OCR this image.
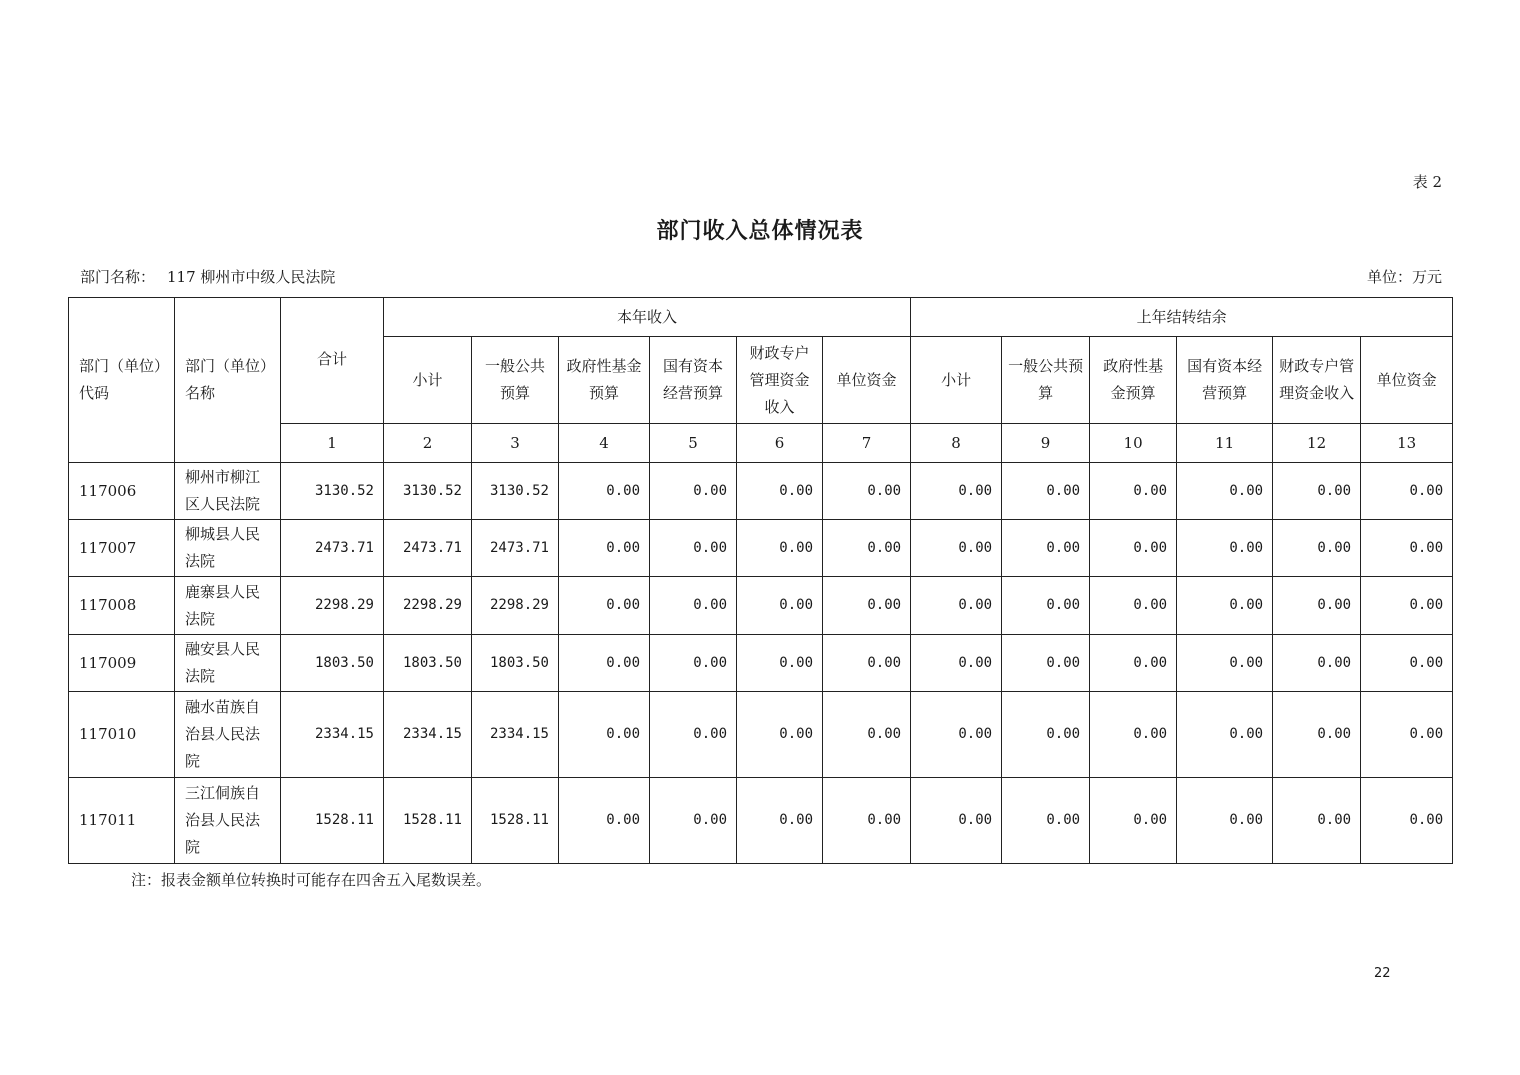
表 2
部门收入总体情况表
部门名称： 117 柳州市中级人民法院	单位：万元
部门（单位）代码	部门（单位）名称	合计	本年收入						上年结转结余					
			小计	一般公共预算	政府性基金预算	国有资本经营预算	财政专户管理资金收入	单位资金	小计	一般公共预算	政府性基金预算	国有资本经营预算	财政专户管理资金收入	单位资金
		1	2	3	4	5	6	7	8	9	10	11	12	13
117006	柳州市柳江区人民法院	3130.52	3130.52	3130.52	0.00	0.00	0.00	0.00	0.00	0.00	0.00	0.00	0.00	0.00
117007	柳城县人民法院	2473.71	2473.71	2473.71	0.00	0.00	0.00	0.00	0.00	0.00	0.00	0.00	0.00	0.00
117008	鹿寨县人民法院	2298.29	2298.29	2298.29	0.00	0.00	0.00	0.00	0.00	0.00	0.00	0.00	0.00	0.00
117009	融安县人民法院	1803.50	1803.50	1803.50	0.00	0.00	0.00	0.00	0.00	0.00	0.00	0.00	0.00	0.00
117010	融水苗族自治县人民法院	2334.15	2334.15	2334.15	0.00	0.00	0.00	0.00	0.00	0.00	0.00	0.00	0.00	0.00
117011	三江侗族自治县人民法院	1528.11	1528.11	1528.11	0.00	0.00	0.00	0.00	0.00	0.00	0.00	0.00	0.00	0.00
注：报表金额单位转换时可能存在四舍五入尾数误差。
22
